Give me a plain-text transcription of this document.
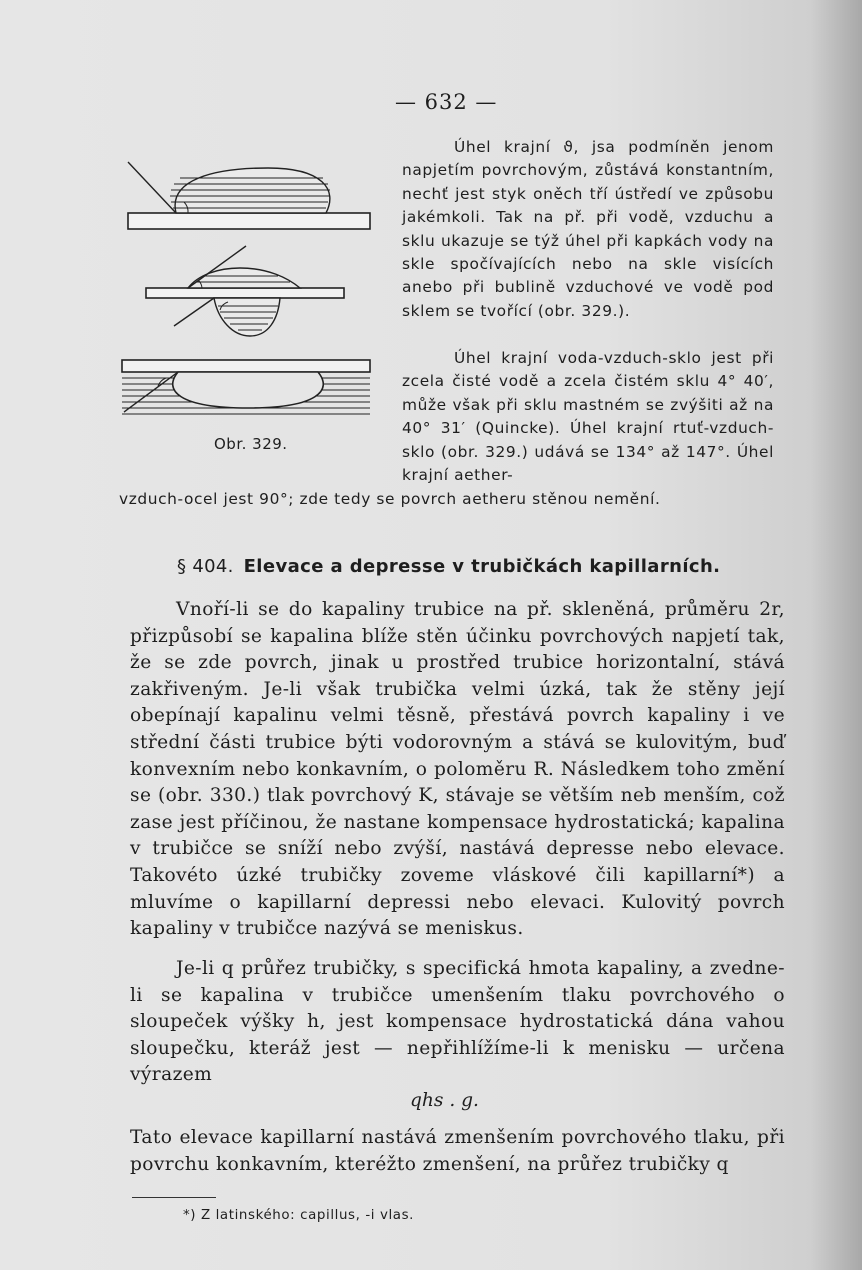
— 632 —
Obr. 329.
Úhel krajní ϑ, jsa podmíněn jenom napjetím povrchovým, zůstává konstantním, nechť jest styk oněch tří ústředí ve způsobu jakémkoli. Tak na př. při vodě, vzduchu a sklu ukazuje se týž úhel při kapkách vody na skle spočívajících nebo na skle visících anebo při bublině vzduchové ve vodě pod sklem se tvořící (obr. 329.).
Úhel krajní voda-vzduch-sklo jest při zcela čisté vodě a zcela čistém sklu 4° 40′, může však při sklu mastném se zvýšiti až na 40° 31′ (Quincke). Úhel krajní rtuť-vzduch-sklo (obr. 329.) udává se 134° až 147°. Úhel krajní aether-
vzduch-ocel jest 90°; zde tedy se povrch aetheru stěnou nemění.
§ 404. Elevace a depresse v trubičkách kapillarních.
Vnoří-li se do kapaliny trubice na př. skleněná, průměru 2r, přizpůsobí se kapalina blíže stěn účinku povrchových napjetí tak, že se zde povrch, jinak u prostřed trubice horizontalní, stává zakřiveným. Je-li však trubička velmi úzká, tak že stěny její obepínají kapalinu velmi těsně, přestává povrch kapaliny i ve střední části trubice býti vodorovným a stává se kulovitým, buď konvexním nebo konkavním, o poloměru R. Následkem toho změní se (obr. 330.) tlak povrchový K, stávaje se větším neb menším, což zase jest příčinou, že nastane kompensace hydrostatická; kapalina v trubičce se sníží nebo zvýší, nastává depresse nebo elevace. Takovéto úzké trubičky zoveme vláskové čili kapillarní*) a mluvíme o kapillarní depressi nebo elevaci. Kulovitý povrch kapaliny v trubičce nazývá se meniskus.
Je-li q průřez trubičky, s specifická hmota kapaliny, a zvedne-li se kapalina v trubičce umenšením tlaku povrchového o sloupeček výšky h, jest kompensace hydrostatická dána vahou sloupečku, kteráž jest — nepřihlížíme-li k menisku — určena výrazem
qhs . g.
Tato elevace kapillarní nastává zmenšením povrchového tlaku, při povrchu konkavním, kteréžto zmenšení, na průřez trubičky q
*) Z latinského: capillus, -i vlas.
